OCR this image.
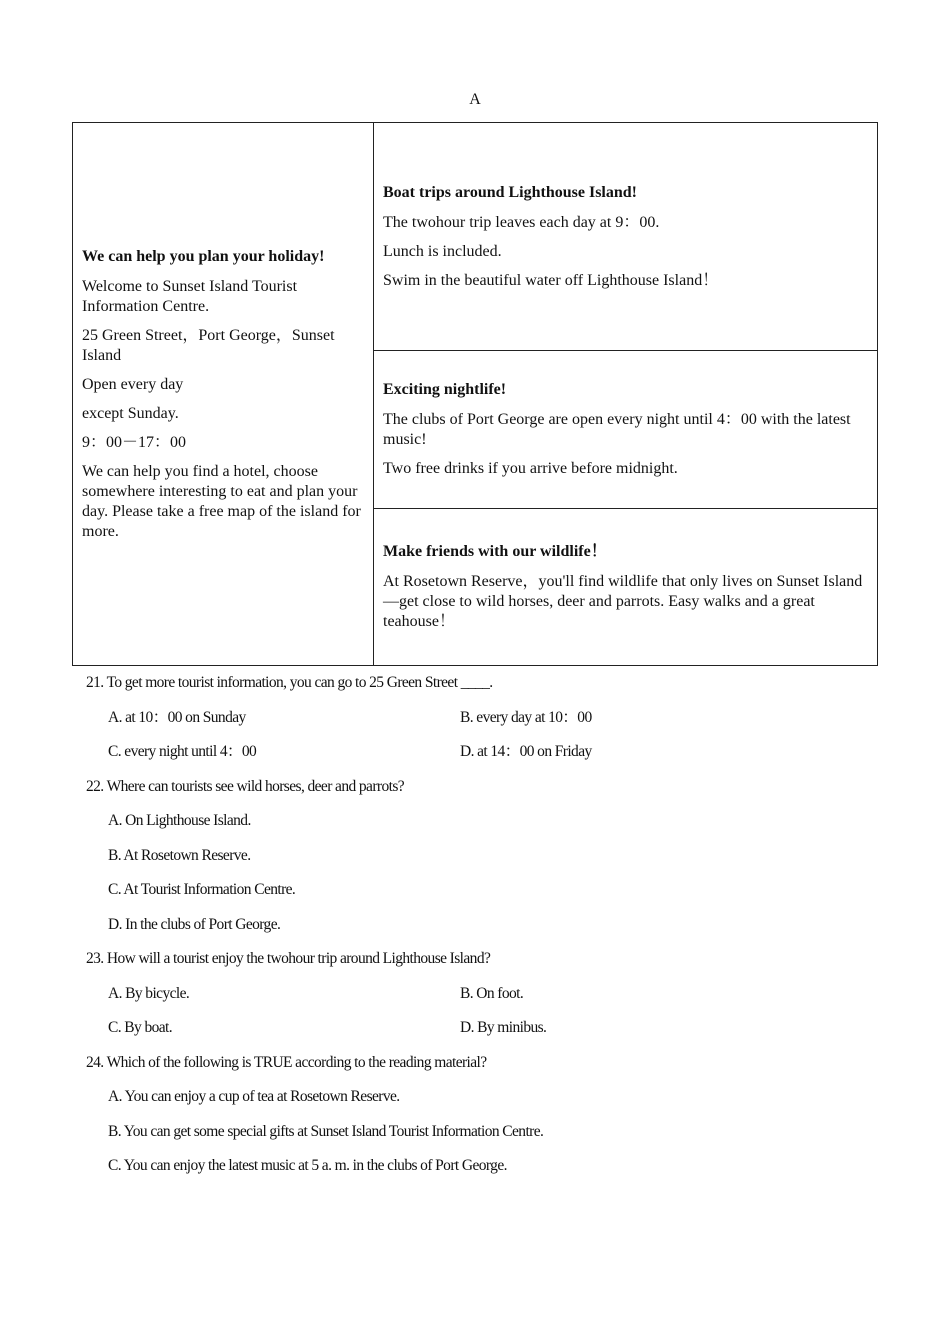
A

We can help you plan your holiday!

Welcome to Sunset Island Tourist Information Centre.

25 Green Street，Port George，Sunset Island

Open every day

except Sunday.

9：00－17：00

We can help you find a hotel, choose somewhere interesting to eat and plan your day. Please take a free map of the island for more.

Boat trips around Lighthouse Island!

The twohour trip leaves each day at 9：00.

Lunch is included.

Swim in the beautiful water off Lighthouse Island！

Exciting nightlife!

The clubs of Port George are open every night until 4：00 with the latest music!

Two free drinks if you arrive before midnight.

Make friends with our wildlife！

At Rosetown Reserve，you'll find wildlife that only lives on Sunset Island—get close to wild horses, deer and parrots. Easy walks and a great teahouse！

21. To get more tourist information, you can go to 25 Green Street ____.
A. at 10：00 on Sunday	B. every day at 10：00
C. every night until 4：00	D. at 14：00 on Friday
22. Where can tourists see wild horses, deer and parrots?
A. On Lighthouse Island.
B. At Rosetown Reserve.
C. At Tourist Information Centre.
D. In the clubs of Port George.
23. How will a tourist enjoy the twohour trip around Lighthouse Island?
A. By bicycle.	B. On foot.
C. By boat.	D. By minibus.
24. Which of the following is TRUE according to the reading material?
A. You can enjoy a cup of tea at Rosetown Reserve.
B. You can get some special gifts at Sunset Island Tourist Information Centre.
C. You can enjoy the latest music at 5 a. m. in the clubs of Port George.
